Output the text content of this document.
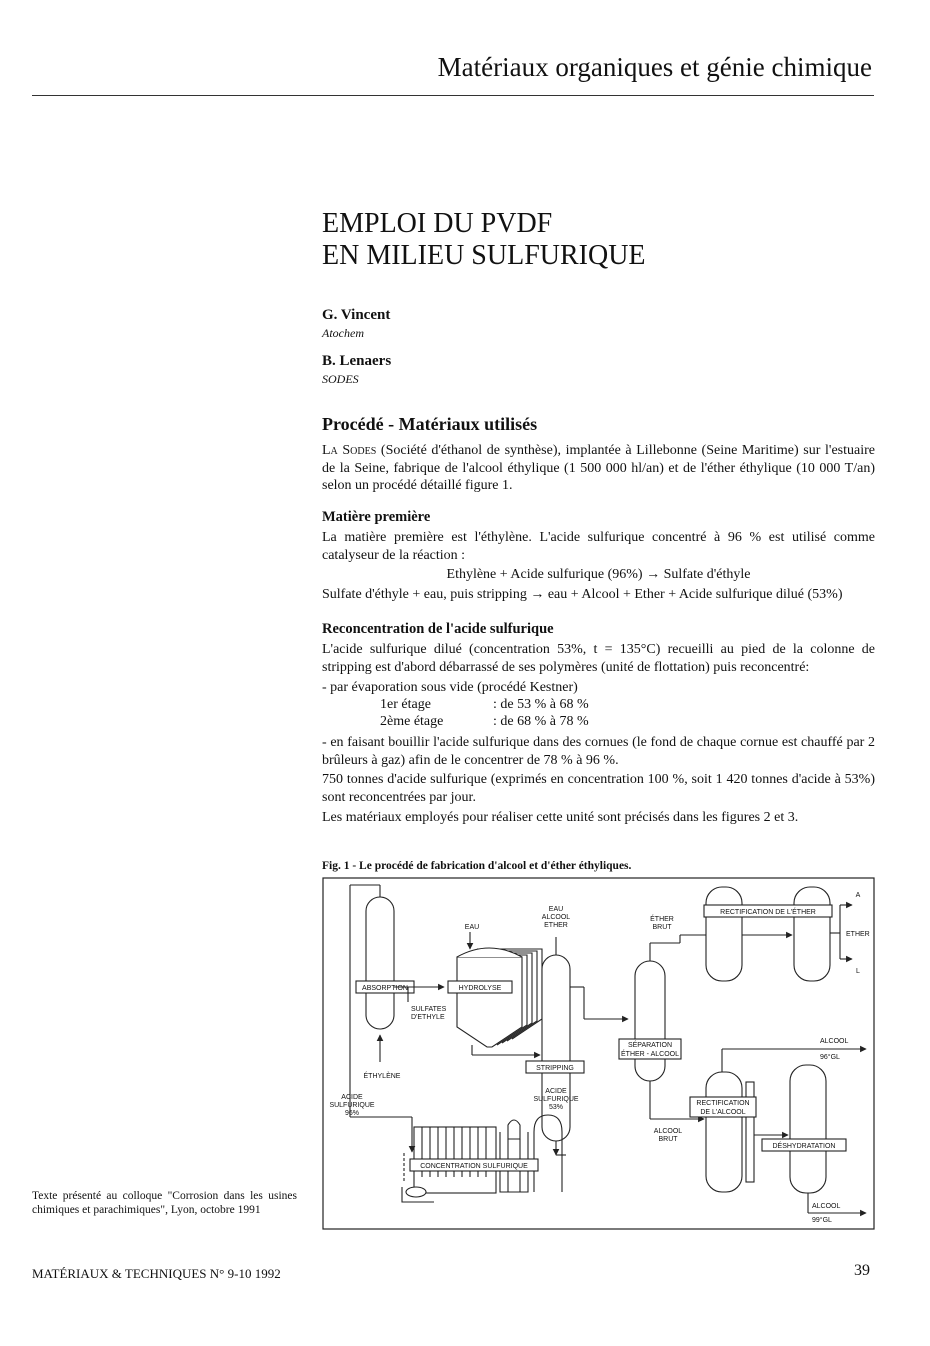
Matériaux organiques et génie chimique
EMPLOI DU PVDF
EN MILIEU SULFURIQUE
G. Vincent
Atochem
B. Lenaers
SODES
Procédé - Matériaux utilisés
La Sodes (Société d'éthanol de synthèse), implantée à Lillebonne (Seine Maritime) sur l'estuaire de la Seine, fabrique de l'alcool éthylique (1 500 000 hl/an) et de l'éther éthylique (10 000 T/an) selon un procédé détaillé figure 1.
Matière première
La matière première est l'éthylène. L'acide sulfurique concentré à 96 % est utilisé comme catalyseur de la réaction :
Ethylène + Acide sulfurique (96%) → Sulfate d'éthyle
Sulfate d'éthyle + eau, puis stripping → eau + Alcool + Ether + Acide sulfurique dilué (53%)
Reconcentration de l'acide sulfurique
L'acide sulfurique dilué (concentration 53%, t = 135°C) recueilli au pied de la colonne de stripping est d'abord débarrassé de ses polymères (unité de flottation) puis reconcentré:
- par évaporation sous vide (procédé Kestner)
1er étage	: de 53 % à 68 %
2ème étage	: de 68 % à 78 %
- en faisant bouillir l'acide sulfurique dans des cornues (le fond de chaque cornue est chauffé par 2 brûleurs à gaz) afin de le concentrer de 78 % à 96 %.
750 tonnes d'acide sulfurique (exprimés en concentration 100 %, soit 1 420 tonnes d'acide à 53%) sont reconcentrées par jour.
Les matériaux employés pour réaliser cette unité sont précisés dans les figures 2 et 3.
Fig. 1 - Le procédé de fabrication d'alcool et d'éther éthyliques.
ABSORPTION
ÉTHYLÈNE
SULFATES
D'ETHYLE
EAU
HYDROLYSE
EAU
ALCOOL
ETHER
STRIPPING
ACIDE
SULFURIQUE
53%
ACIDE
SULFURIQUE
96%
CONCENTRATION SULFURIQUE
ÉTHER
BRUT
SÉPARATION
ÉTHER - ALCOOL
ALCOOL
BRUT
RECTIFICATION DE L'ÉTHER
A
ETHER
L
ALCOOL
96°GL
RECTIFICATION
DE L'ALCOOL
DÉSHYDRATATION
ALCOOL
99°GL
Texte présenté au colloque "Corrosion dans les usines chimiques et parachimiques", Lyon, octobre 1991
MATÉRIAUX & TECHNIQUES N° 9-10 1992	39
